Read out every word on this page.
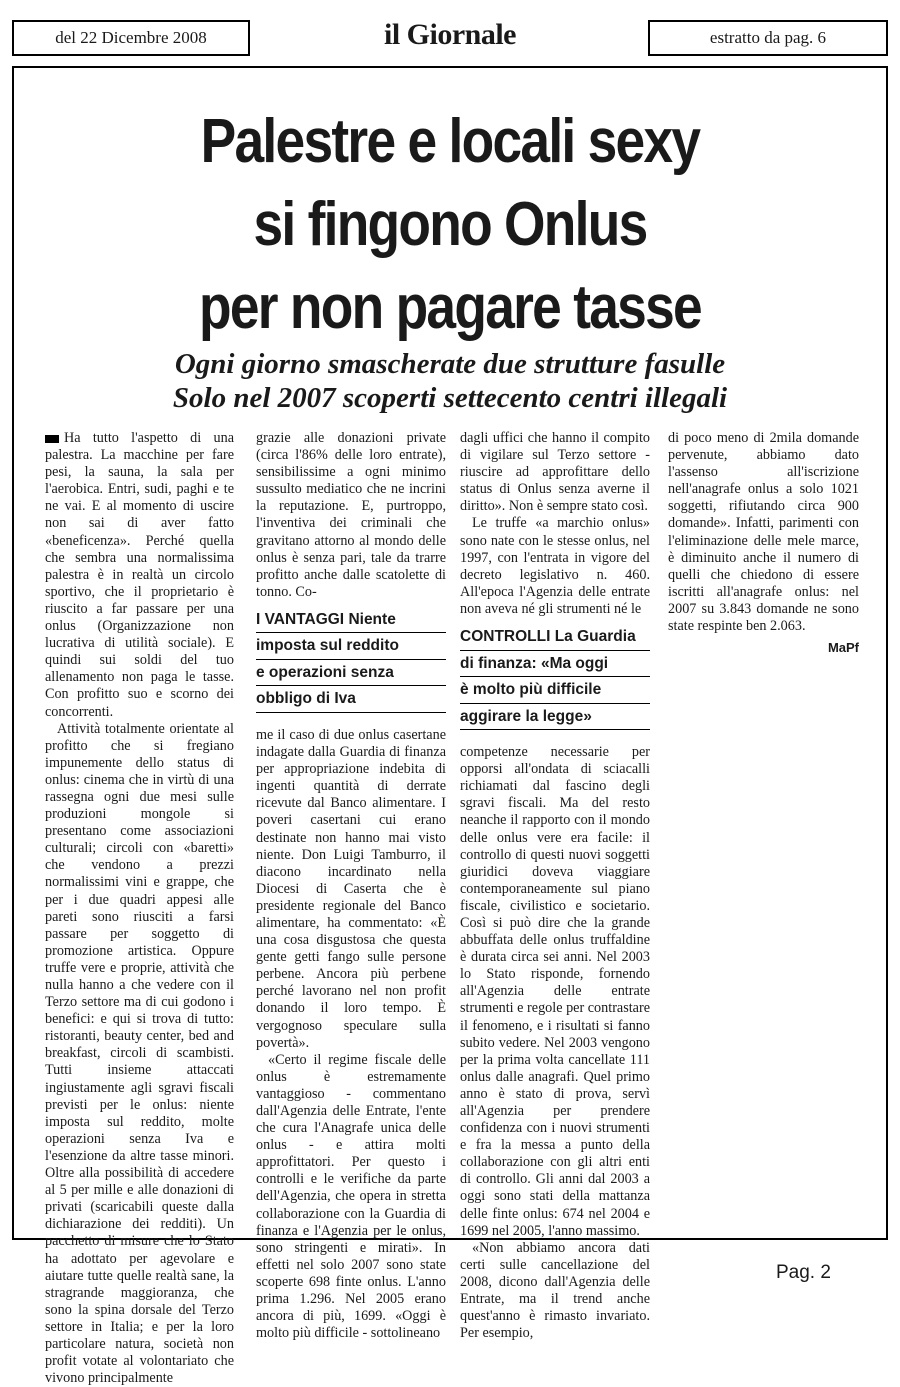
del 22 Dicembre 2008	il Giornale	estratto da pag. 6
Palestre e locali sexy
si fingono Onlus
per non pagare tasse
Ogni giorno smascherate due strutture fasulle
Solo nel 2007 scoperti settecento centri illegali

Ha tutto l'aspetto di una palestra. La macchine per fare pesi, la sauna, la sala per l'aerobica. Entri, sudi, paghi e te ne vai. E al momento di uscire non sai di aver fatto «beneficenza». Perché quella che sembra una normalissima palestra è in realtà un circolo sportivo, che il proprietario è riuscito a far passare per una onlus (Organizzazione non lucrativa di utilità sociale). E quindi sui soldi del tuo allenamento non paga le tasse. Con profitto suo e scorno dei concorrenti.

Attività totalmente orientate al profitto che si fregiano impunemente dello status di onlus: cinema che in virtù di una rassegna ogni due mesi sulle produzioni mongole si presentano come associazioni culturali; circoli con «baretti» che vendono a prezzi normalissimi vini e grappe, che per i due quadri appesi alle pareti sono riusciti a farsi passare per soggetto di promozione artistica. Oppure truffe vere e proprie, attività che nulla hanno a che vedere con il Terzo settore ma di cui godono i benefici: e qui si trova di tutto: ristoranti, beauty center, bed and breakfast, circoli di scambisti. Tutti insieme attaccati ingiustamente agli sgravi fiscali previsti per le onlus: niente imposta sul reddito, molte operazioni senza Iva e l'esenzione da altre tasse minori. Oltre alla possibilità di accedere al 5 per mille e alle donazioni di privati (scaricabili queste dalla dichiarazione dei redditi). Un pacchetto di misure che lo Stato ha adottato per agevolare e aiutare tutte quelle realtà sane, la stragrande maggioranza, che sono la spina dorsale del Terzo settore in Italia; e per la loro particolare natura, società non profit votate al volontariato che vivono principalmente

grazie alle donazioni private (circa l'86% delle loro entrate), sensibilissime a ogni minimo sussulto mediatico che ne incrini la reputazione. E, purtroppo, l'inventiva dei criminali che gravitano attorno al mondo delle onlus è senza pari, tale da trarre profitto anche dalle scatolette di tonno. Co-

I VANTAGGI Niente
imposta sul reddito
e operazioni senza
obbligo di Iva

me il caso di due onlus casertane indagate dalla Guardia di finanza per appropriazione indebita di ingenti quantità di derrate ricevute dal Banco alimentare. I poveri casertani cui erano destinate non hanno mai visto niente. Don Luigi Tamburro, il diacono incardinato nella Diocesi di Caserta che è presidente regionale del Banco alimentare, ha commentato: «È una cosa disgustosa che questa gente getti fango sulle persone perbene. Ancora più perbene perché lavorano nel non profit donando il loro tempo. È vergognoso speculare sulla povertà».

«Certo il regime fiscale delle onlus è estremamente vantaggioso - commentano dall'Agenzia delle Entrate, l'ente che cura l'Anagrafe unica delle onlus - e attira molti approfittatori. Per questo i controlli e le verifiche da parte dell'Agenzia, che opera in stretta collaborazione con la Guardia di finanza e l'Agenzia per le onlus, sono stringenti e mirati». In effetti nel solo 2007 sono state scoperte 698 finte onlus. L'anno prima 1.296. Nel 2005 erano ancora di più, 1699. «Oggi è molto più difficile - sottolineano

dagli uffici che hanno il compito di vigilare sul Terzo settore - riuscire ad approfittare dello status di Onlus senza averne il diritto». Non è sempre stato così.

Le truffe «a marchio onlus» sono nate con le stesse onlus, nel 1997, con l'entrata in vigore del decreto legislativo n. 460. All'epoca l'Agenzia delle entrate non aveva né gli strumenti né le

CONTROLLI La Guardia
di finanza: «Ma oggi
è molto più difficile
aggirare la legge»

competenze necessarie per opporsi all'ondata di sciacalli richiamati dal fascino degli sgravi fiscali. Ma del resto neanche il rapporto con il mondo delle onlus vere era facile: il controllo di questi nuovi soggetti giuridici doveva viaggiare contemporaneamente sul piano fiscale, civilistico e societario. Così si può dire che la grande abbuffata delle onlus truffaldine è durata circa sei anni. Nel 2003 lo Stato risponde, fornendo all'Agenzia delle entrate strumenti e regole per contrastare il fenomeno, e i risultati si fanno subito vedere. Nel 2003 vengono per la prima volta cancellate 111 onlus dalle anagrafi. Quel primo anno è stato di prova, servì all'Agenzia per prendere confidenza con i nuovi strumenti e fra la messa a punto della collaborazione con gli altri enti di controllo. Gli anni dal 2003 a oggi sono stati della mattanza delle finte onlus: 674 nel 2004 e 1699 nel 2005, l'anno massimo.

«Non abbiamo ancora dati certi sulle cancellazione del 2008, dicono dall'Agenzia delle Entrate, ma il trend anche quest'anno è rimasto invariato. Per esempio,

di poco meno di 2mila domande pervenute, abbiamo dato l'assenso all'iscrizione nell'anagrafe onlus a solo 1021 soggetti, rifiutando circa 900 domande». Infatti, parimenti con l'eliminazione delle mele marce, è diminuito anche il numero di quelli che chiedono di essere iscritti all'anagrafe onlus: nel 2007 su 3.843 domande ne sono state respinte ben 2.063.

MaPf

Pag. 2
